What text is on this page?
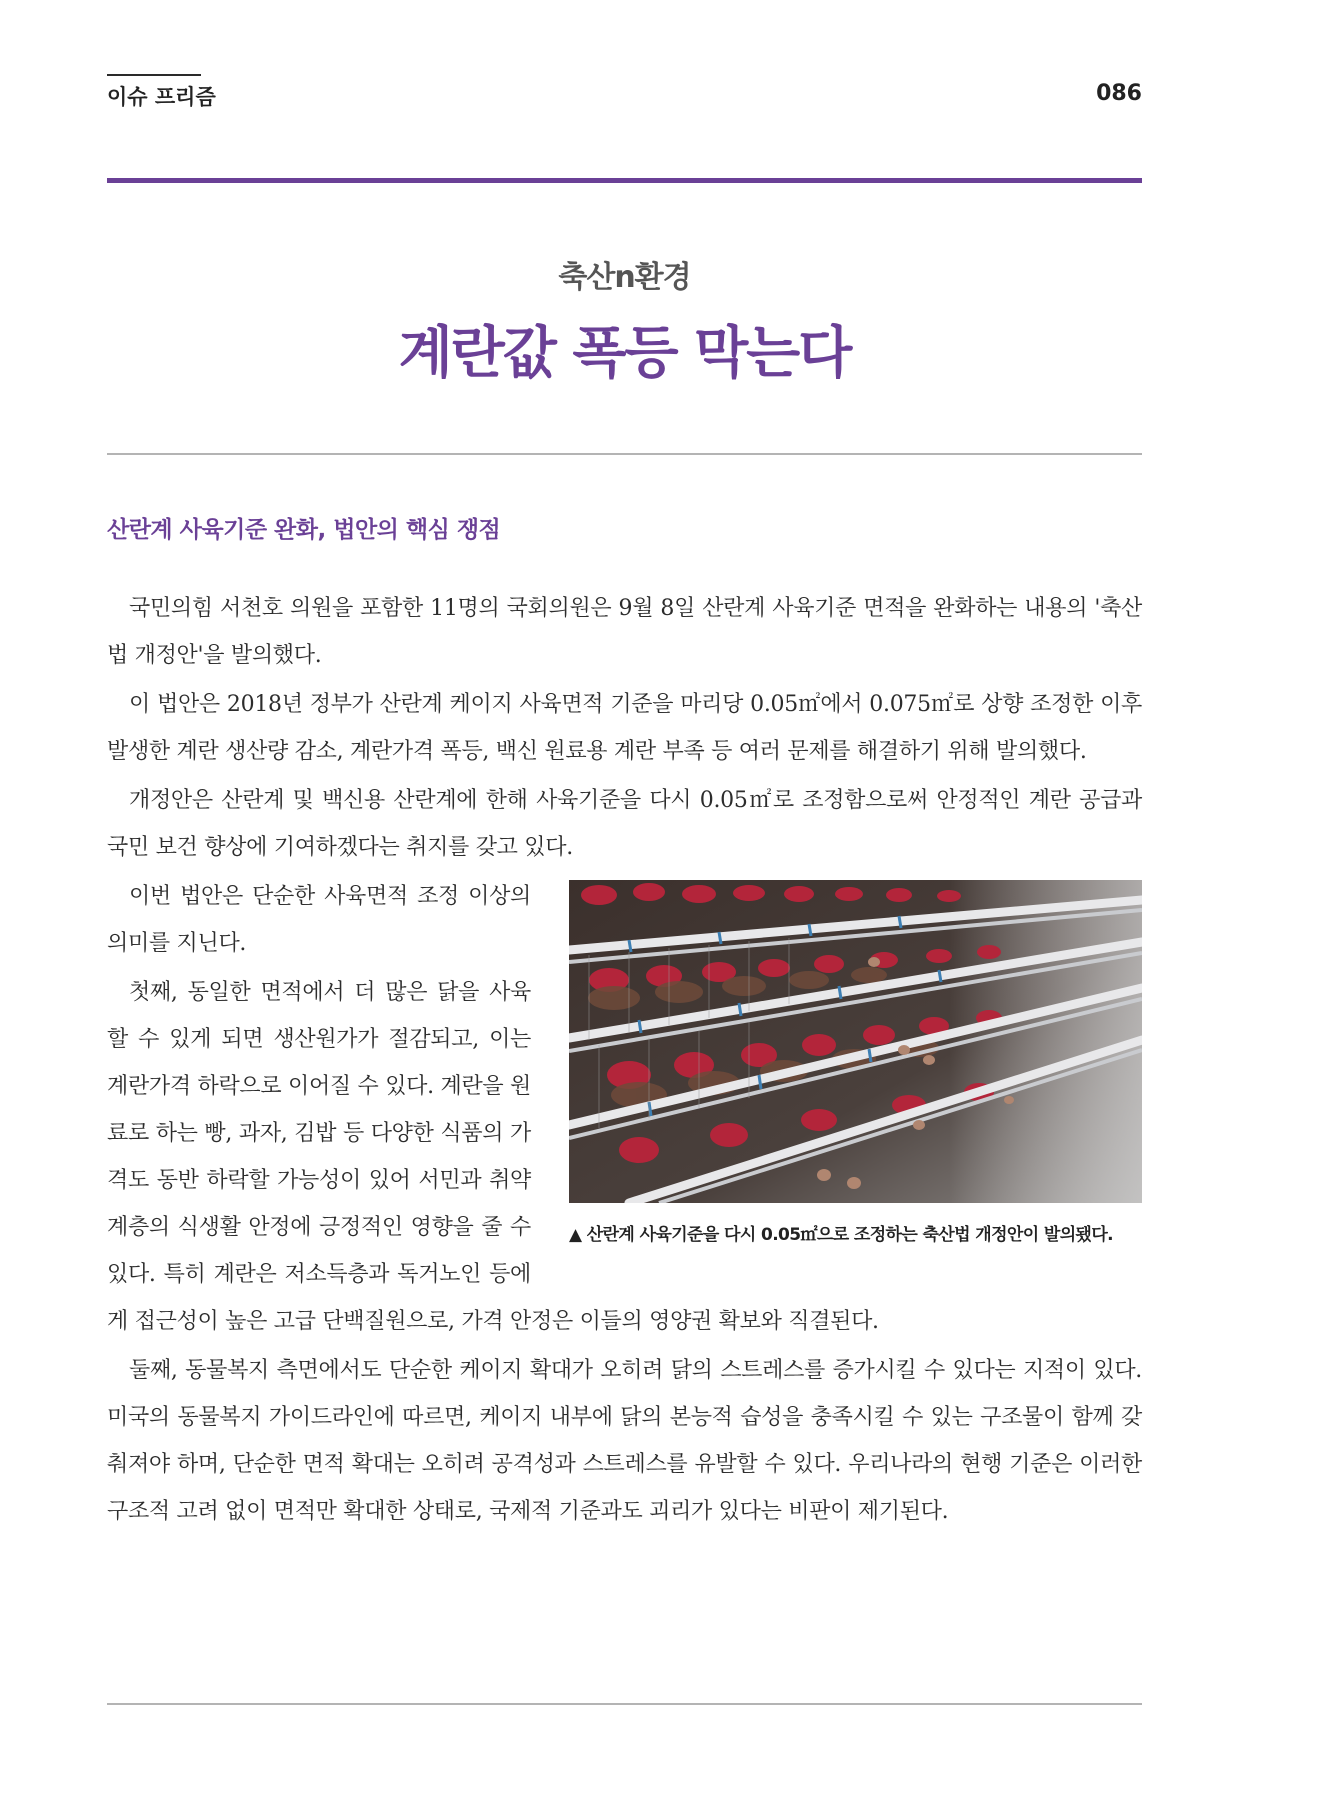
이슈 프리즘	086
축산n환경
계란값 폭등 막는다
산란계 사육기준 완화, 법안의 핵심 쟁점

국민의힘 서천호 의원을 포함한 11명의 국회의원은 9월 8일 산란계 사육기준 면적을 완화하는 내용의 '축산법 개정안'을 발의했다.

이 법안은 2018년 정부가 산란계 케이지 사육면적 기준을 마리당 0.05㎡에서 0.075㎡로 상향 조정한 이후 발생한 계란 생산량 감소, 계란가격 폭등, 백신 원료용 계란 부족 등 여러 문제를 해결하기 위해 발의했다.

개정안은 산란계 및 백신용 산란계에 한해 사육기준을 다시 0.05㎡로 조정함으로써 안정적인 계란 공급과 국민 보건 향상에 기여하겠다는 취지를 갖고 있다.

▲ 산란계 사육기준을 다시 0.05㎡으로 조정하는 축산법 개정안이 발의됐다.

이번 법안은 단순한 사육면적 조정 이상의 의미를 지닌다.

첫째, 동일한 면적에서 더 많은 닭을 사육할 수 있게 되면 생산원가가 절감되고, 이는 계란가격 하락으로 이어질 수 있다. 계란을 원료로 하는 빵, 과자, 김밥 등 다양한 식품의 가격도 동반 하락할 가능성이 있어 서민과 취약계층의 식생활 안정에 긍정적인 영향을 줄 수 있다. 특히 계란은 저소득층과 독거노인 등에게 접근성이 높은 고급 단백질원으로, 가격 안정은 이들의 영양권 확보와 직결된다.

둘째, 동물복지 측면에서도 단순한 케이지 확대가 오히려 닭의 스트레스를 증가시킬 수 있다는 지적이 있다. 미국의 동물복지 가이드라인에 따르면, 케이지 내부에 닭의 본능적 습성을 충족시킬 수 있는 구조물이 함께 갖춰져야 하며, 단순한 면적 확대는 오히려 공격성과 스트레스를 유발할 수 있다. 우리나라의 현행 기준은 이러한 구조적 고려 없이 면적만 확대한 상태로, 국제적 기준과도 괴리가 있다는 비판이 제기된다.
